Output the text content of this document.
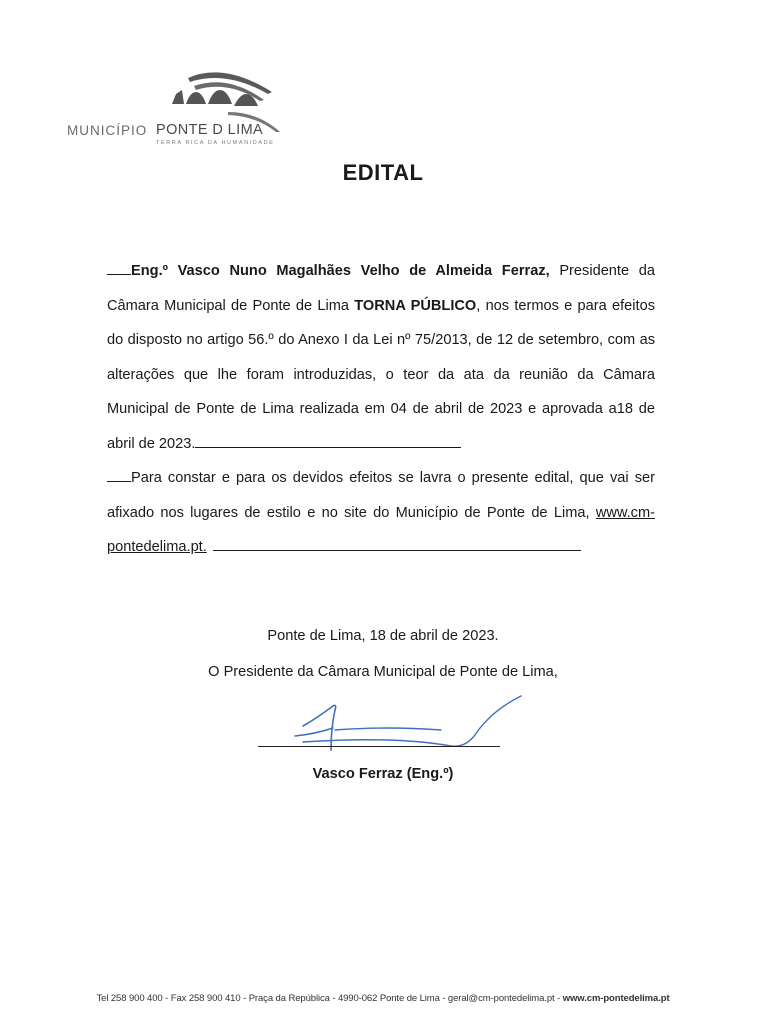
MUNICÍPIO PONTE D LIMA
TERRA RICA DA HUMANIDADE
EDITAL

Eng.º Vasco Nuno Magalhães Velho de Almeida Ferraz, Presidente da Câmara Municipal de Ponte de Lima TORNA PÚBLICO, nos termos e para efeitos do disposto no artigo 56.º do Anexo I da Lei nº 75/2013, de 12 de setembro, com as alterações que lhe foram introduzidas, o teor da ata da reunião da Câmara Municipal de Ponte de Lima realizada em 04 de abril de 2023 e aprovada a18 de abril de 2023.

Para constar e para os devidos efeitos se lavra o presente edital, que vai ser afixado nos lugares de estilo e no site do Município de Ponte de Lima, www.cm-pontedelima.pt.

Ponte de Lima, 18 de abril de 2023.
O Presidente da Câmara Municipal de Ponte de Lima,
Vasco Ferraz (Eng.º)
Tel 258 900 400 - Fax 258 900 410 - Praça da República - 4990-062 Ponte de Lima - geral@cm-pontedelima.pt - www.cm-pontedelima.pt
